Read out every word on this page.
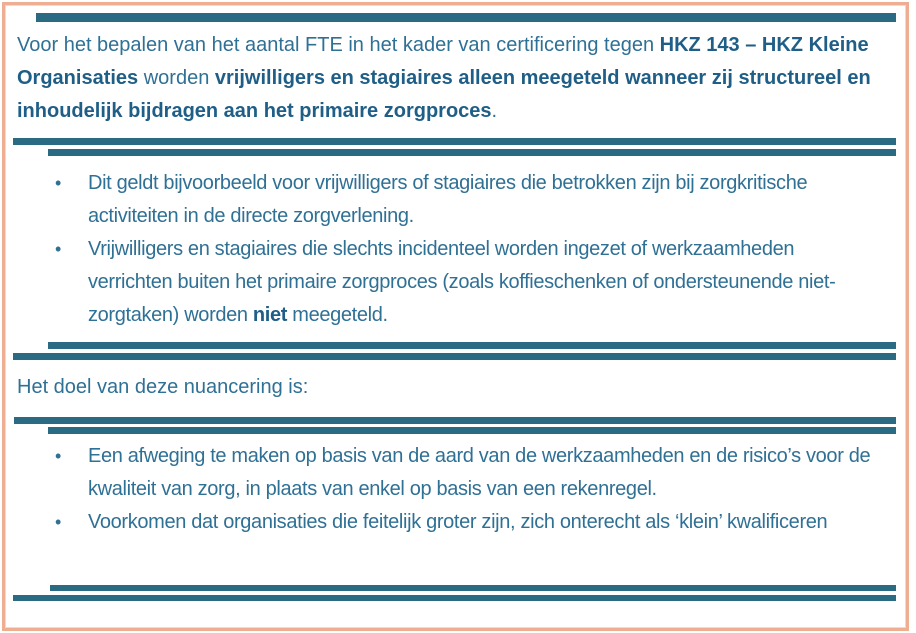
Voor het bepalen van het aantal FTE in het kader van certificering tegen HKZ 143 – HKZ Kleine Organisaties worden vrijwilligers en stagiaires alleen meegeteld wanneer zij structureel en inhoudelijk bijdragen aan het primaire zorgproces.
• Dit geldt bijvoorbeeld voor vrijwilligers of stagiaires die betrokken zijn bij zorgkritische activiteiten in de directe zorgverlening.
• Vrijwilligers en stagiaires die slechts incidenteel worden ingezet of werkzaamheden verrichten buiten het primaire zorgproces (zoals koffieschenken of ondersteunende niet-zorgtaken) worden niet meegeteld.
Het doel van deze nuancering is:
• Een afweging te maken op basis van de aard van de werkzaamheden en de risico’s voor de kwaliteit van zorg, in plaats van enkel op basis van een rekenregel.
• Voorkomen dat organisaties die feitelijk groter zijn, zich onterecht als ‘klein’ kwalificeren
